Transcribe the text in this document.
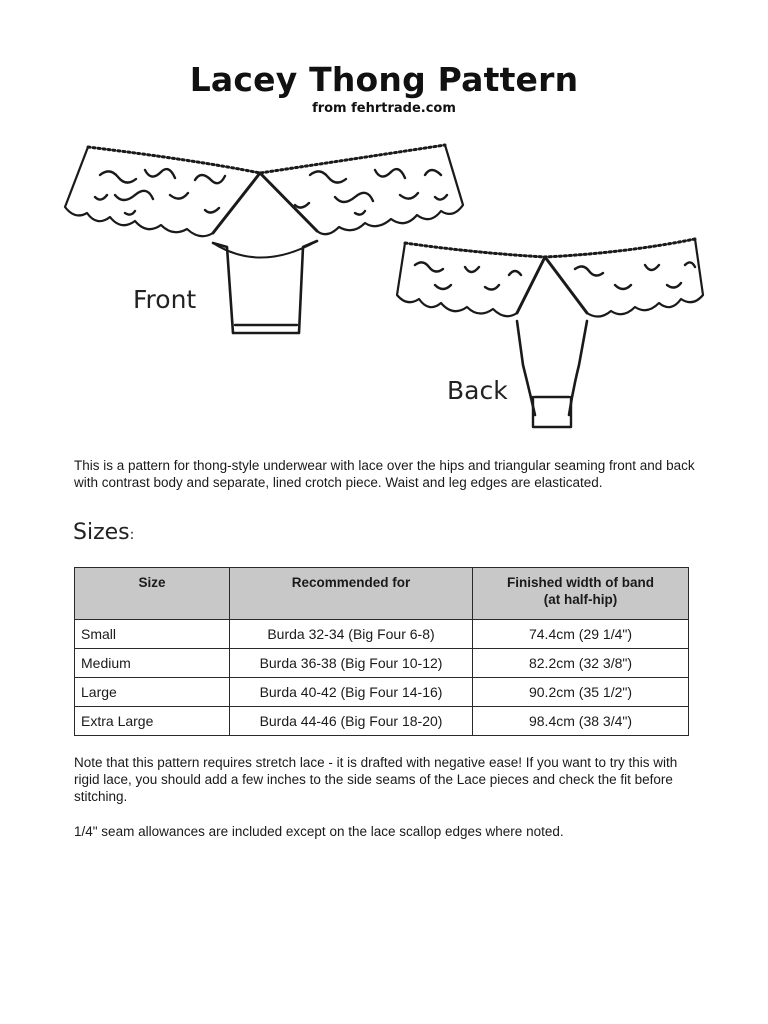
Lacey Thong Pattern
from fehrtrade.com
Front
Back
This is a pattern for thong-style underwear with lace over the hips and triangular seaming front and back with contrast body and separate, lined crotch piece. Waist and leg edges are elasticated.
Sizes:
Size	Recommended for	Finished width of band
(at half-hip)
Small	Burda 32-34 (Big Four 6-8)	74.4cm (29 1/4")
Medium	Burda 36-38 (Big Four 10-12)	82.2cm (32 3/8")
Large	Burda 40-42 (Big Four 14-16)	90.2cm (35 1/2")
Extra Large	Burda 44-46 (Big Four 18-20)	98.4cm (38 3/4")
Note that this pattern requires stretch lace - it is drafted with negative ease! If you want to try this with rigid lace, you should add a few inches to the side seams of the Lace pieces and check the fit before stitching.
1/4" seam allowances are included except on the lace scallop edges where noted.
